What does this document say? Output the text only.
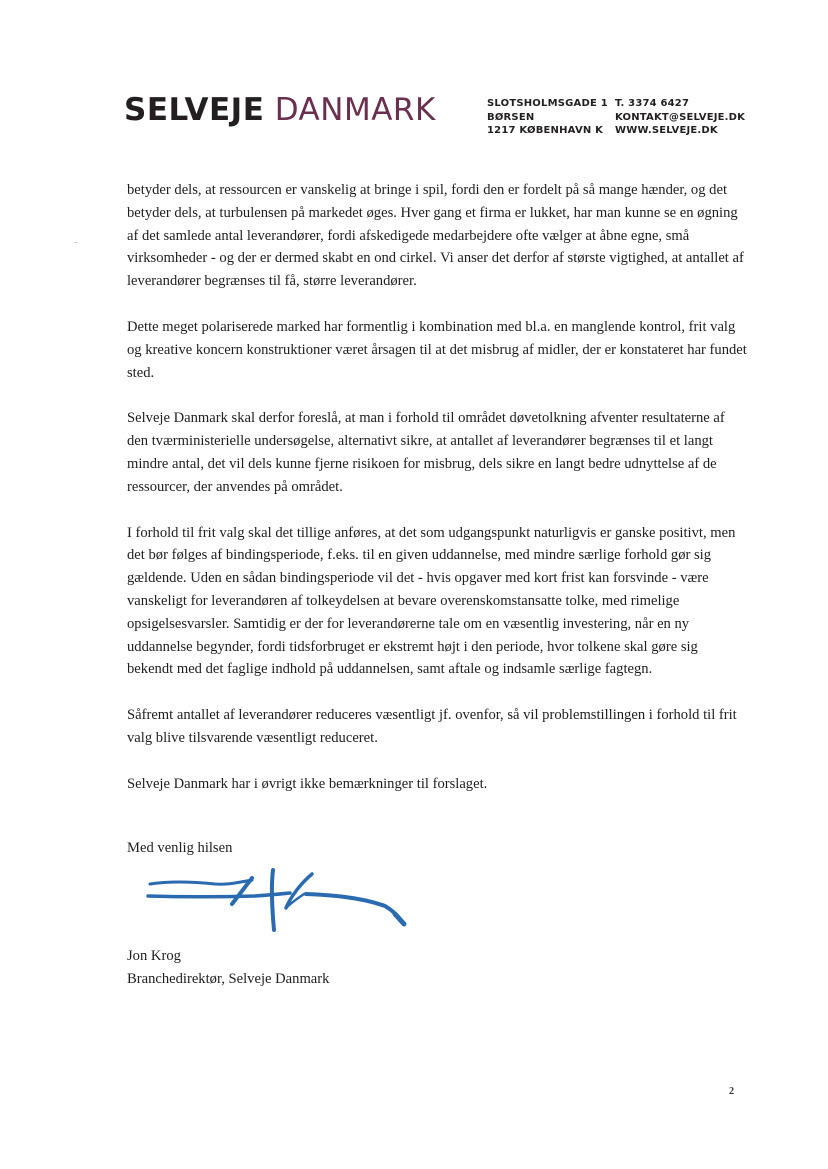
SELVEJE DANMARK	SLOTSHOLMSGADE 1
BØRSEN
1217 KØBENHAVN K
T. 3374 6427
KONTAKT@SELVEJE.DK
WWW.SELVEJE.DK

betyder dels, at ressourcen er vanskelig at bringe i spil, fordi den er fordelt på så mange hænder, og det betyder dels, at turbulensen på markedet øges. Hver gang et firma er lukket, har man kunne se en øgning af det samlede antal leverandører, fordi afskedigede medarbejdere ofte vælger at åbne egne, små virksomheder - og der er dermed skabt en ond cirkel. Vi anser det derfor af største vigtighed, at antallet af leverandører begrænses til få, større leverandører.

Dette meget polariserede marked har formentlig i kombination med bl.a. en manglende kontrol, frit valg og kreative koncern konstruktioner været årsagen til at det misbrug af midler, der er konstateret har fundet sted.

Selveje Danmark skal derfor foreslå, at man i forhold til området døvetolkning afventer resultaterne af den tværministerielle undersøgelse, alternativt sikre, at antallet af leverandører begrænses til et langt mindre antal, det vil dels kunne fjerne risikoen for misbrug, dels sikre en langt bedre udnyttelse af de ressourcer, der anvendes på området.

I forhold til frit valg skal det tillige anføres, at det som udgangspunkt naturligvis er ganske positivt, men det bør følges af bindingsperiode, f.eks. til en given uddannelse, med mindre særlige forhold gør sig gældende. Uden en sådan bindingsperiode vil det - hvis opgaver med kort frist kan forsvinde - være vanskeligt for leverandøren af tolkeydelsen at bevare overenskomstansatte tolke, med rimelige opsigelsesvarsler. Samtidig er der for leverandørerne tale om en væsentlig investering, når en ny uddannelse begynder, fordi tidsforbruget er ekstremt højt i den periode, hvor tolkene skal gøre sig bekendt med det faglige indhold på uddannelsen, samt aftale og indsamle særlige fagtegn.

Såfremt antallet af leverandører reduceres væsentligt jf. ovenfor, så vil problemstillingen i forhold til frit valg blive tilsvarende væsentligt reduceret.

Selveje Danmark har i øvrigt ikke bemærkninger til forslaget.

Med venlig hilsen
Jon Krog
Branchedirektør, Selveje Danmark
2
